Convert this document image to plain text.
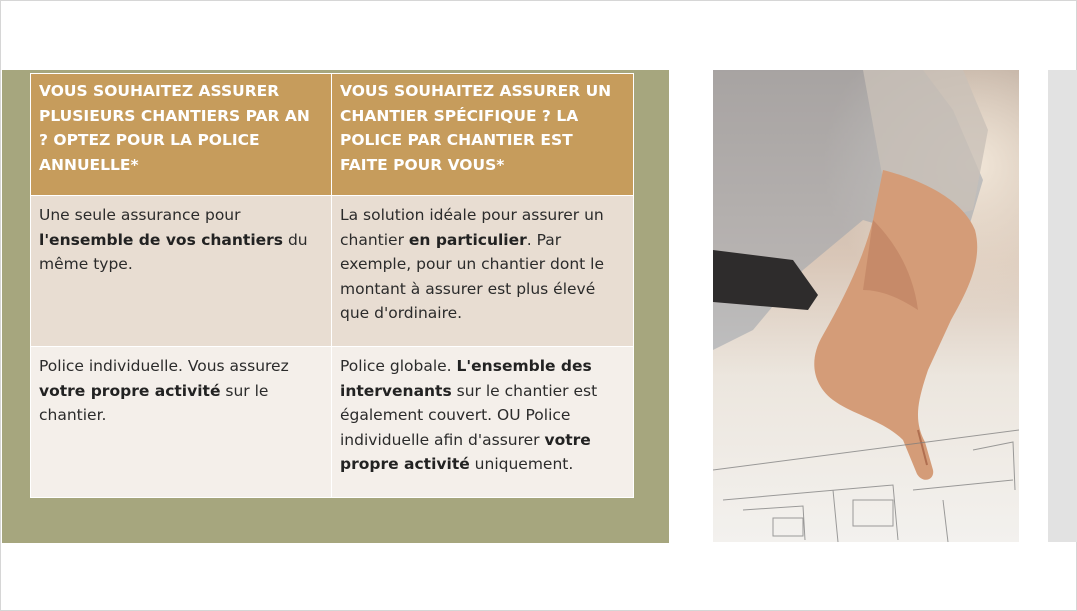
VOUS SOUHAITEZ ASSURER PLUSIEURS CHANTIERS PAR AN ? OPTEZ POUR LA POLICE ANNUELLE*	VOUS SOUHAITEZ ASSURER UN CHANTIER SPÉCIFIQUE ? LA POLICE PAR CHANTIER EST FAITE POUR VOUS*
Une seule assurance pour l'ensemble de vos chantiers du même type.	La solution idéale pour assurer un chantier en particulier. Par exemple, pour un chantier dont le montant à assurer est plus élevé que d'ordinaire.
Police individuelle. Vous assurez votre propre activité sur le chantier.	Police globale. L'ensemble des intervenants sur le chantier est également couvert. OU Police individuelle afin d'assurer votre propre activité uniquement.
